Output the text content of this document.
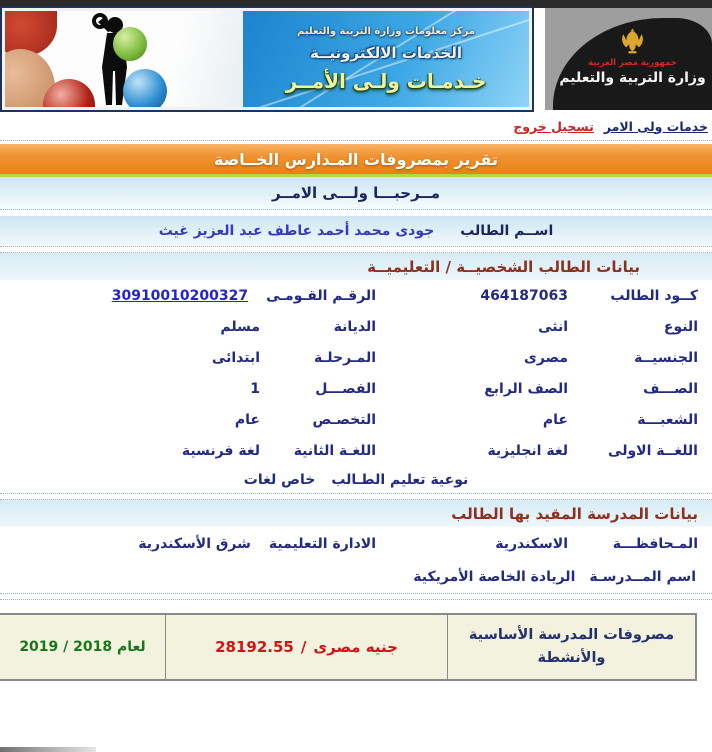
مركز معلومات وزارة التربية والتعليم
الخدمات الالكترونيــة
خـدمـات ولـى الأمــر
جمهورية مصر العربية
وزارة التربية والتعليم
خدمات ولى الامر
تسجيل خروج
تقرير بمصروفات المـدارس الخــاصة
مــرحبـــا ولـــى الامــر
اســم الطالب
جودى محمد أحمد عاطف عبد العزيز غيث
بيانات الطالب الشخصيــة / التعليميــة
كــود الطالب
464187063
الرقـم القـومـى
30910010200327
النوع
انثى
الديانة
مسلم
الجنسيــة
مصرى
المـرحلـة
ابتدائى
الصـــف
الصف الرابع
الفصـــل
1
الشعبـــة
عام
التخصـص
عام
اللغــة الاولى
لغة انجليزية
اللغـة الثانية
لغة فرنسية
نوعية تعليم الطـالب
خاص لغات
بيانات المدرسة المقيد بها الطالب
المـحافظـــة
الاسكندرية
الادارة التعليمية
شرق الأسكندرية
اسم المــدرسـة
الريادة الخاصة الأمريكية
مصروفات المدرسة الأساسية والأنشطة
28192.55 / جنيه مصرى
لعام 2018 / 2019
